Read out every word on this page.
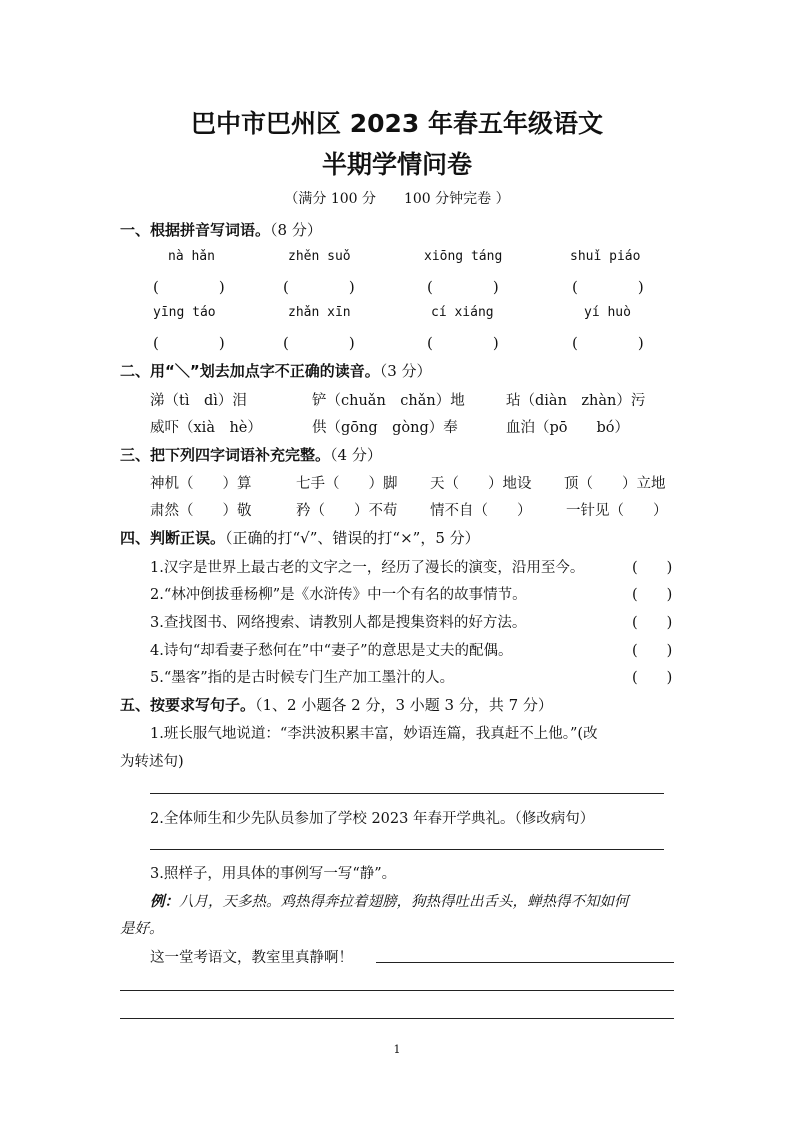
巴中市巴州区 2023 年春五年级语文
半期学情问卷
（满分 100 分　　100 分钟完卷 ）
一、根据拼音写词语。（8 分）
nà hǎn	zhěn suǒ	xiōng táng	shuǐ piáo
(　　　　)	(　　　　)	(　　　　)	(　　　　)
yīng táo	zhǎn xīn	cí xiáng	yí huò
(　　　　)	(　　　　)	(　　　　)	(　　　　)
二、用“＼”划去加点字不正确的读音。（3 分）
涕（tì　dì）泪	铲（chuǎn　chǎn）地	玷（diàn　zhàn）污
威吓（xià　hè）	供（gōng　gòng）奉	血泊（pō　　bó）
三、把下列四字词语补充完整。（4 分）
神机（　　）算	七手（　　）脚 天（　　）地设 顶（　　）立地
肃然（　　）敬	矜（　　）不苟 情不自（　　） 一针见（　　）
四、判断正误。（正确的打“√”、错误的打“×”，5 分）
1.汉字是世界上最古老的文字之一，经历了漫长的演变，沿用至今。	(　　)
2.“林冲倒拔垂杨柳”是《水浒传》中一个有名的故事情节。	(　　)
3.查找图书、网络搜索、请教别人都是搜集资料的好方法。	(　　)
4.诗句“却看妻子愁何在”中“妻子”的意思是丈夫的配偶。	(　　)
5.“墨客”指的是古时候专门生产加工墨汁的人。	(　　)
五、按要求写句子。（1、2 小题各 2 分，3 小题 3 分，共 7 分）
1.班长服气地说道：“李洪波积累丰富，妙语连篇，我真赶不上他。”(改
为转述句)
2.全体师生和少先队员参加了学校 2023 年春开学典礼。（修改病句）
3.照样子，用具体的事例写一写“静”。
例：八月，天多热。鸡热得奔拉着翅膀，狗热得吐出舌头，蝉热得不知如何
是好。
这一堂考语文，教室里真静啊！
1
